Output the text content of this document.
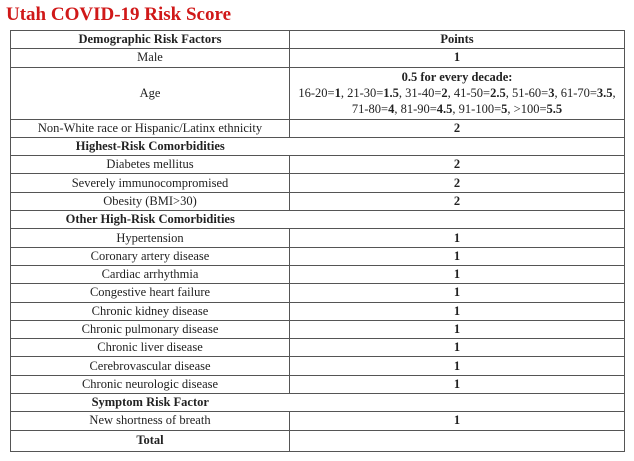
Utah COVID-19 Risk Score
Demographic Risk Factors	Points
Male	1
Age	0.5 for every decade:
16-20=1, 21-30=1.5, 31-40=2, 41-50=2.5, 51-60=3, 61-70=3.5, 71-80=4, 81-90=4.5, 91-100=5, >100=5.5
Non-White race or Hispanic/Latinx ethnicity	2
Highest-Risk Comorbidities	
Diabetes mellitus	2
Severely immunocompromised	2
Obesity (BMI>30)	2
Other High-Risk Comorbidities	
Hypertension	1
Coronary artery disease	1
Cardiac arrhythmia	1
Congestive heart failure	1
Chronic kidney disease	1
Chronic pulmonary disease	1
Chronic liver disease	1
Cerebrovascular disease	1
Chronic neurologic disease	1
Symptom Risk Factor	
New shortness of breath	1
Total	
